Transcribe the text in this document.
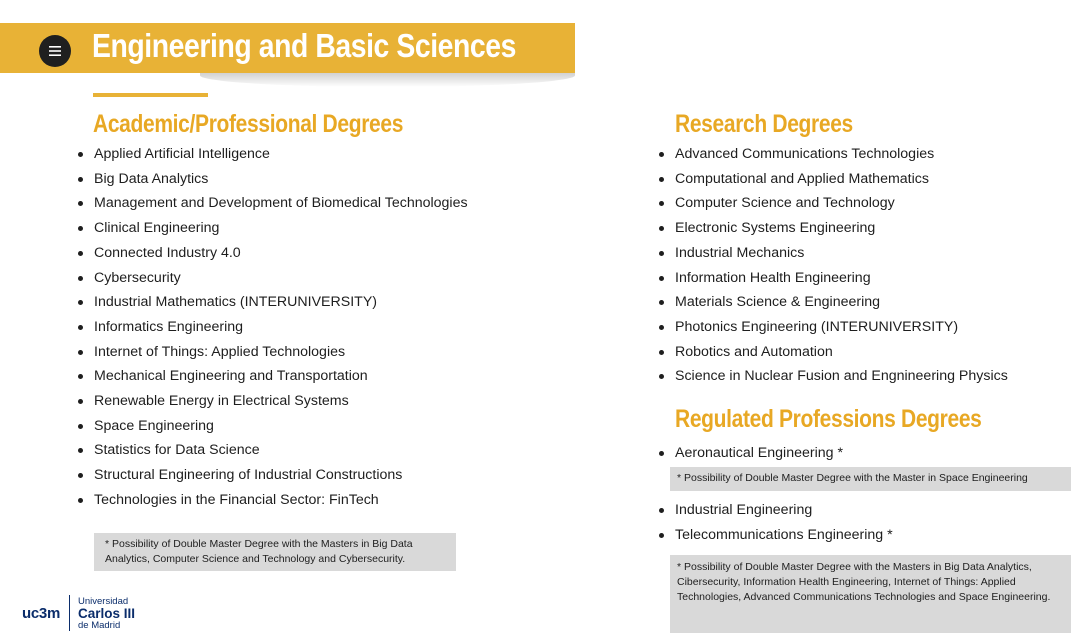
Engineering and Basic Sciences
Academic/Professional Degrees
Applied Artificial Intelligence
Big Data Analytics
Management and Development of Biomedical Technologies
Clinical Engineering
Connected Industry 4.0
Cybersecurity
Industrial Mathematics (INTERUNIVERSITY)
Informatics Engineering
Internet of Things: Applied Technologies
Mechanical Engineering and Transportation
Renewable Energy in Electrical Systems
Space Engineering
Statistics for Data Science
Structural Engineering of Industrial Constructions
Technologies in the Financial Sector: FinTech
* Possibility of Double Master Degree with the Masters in Big Data Analytics, Computer Science and Technology and Cybersecurity.
Research Degrees
Advanced Communications Technologies
Computational and Applied Mathematics
Computer Science and Technology
Electronic Systems Engineering
Industrial Mechanics
Information Health Engineering
Materials Science & Engineering
Photonics Engineering (INTERUNIVERSITY)
Robotics and Automation
Science in Nuclear Fusion and Engnineering Physics
Regulated Professions Degrees
Aeronautical Engineering *
* Possibility of Double Master Degree with the Master in Space Engineering
Industrial Engineering
Telecommunications Engineering *
* Possibility of Double Master Degree with the Masters in Big Data Analytics, Cibersecurity, Information Health Engineering, Internet of Things: Applied Technologies, Advanced Communications Technologies and Space Engineering.
uc3m
Universidad
Carlos III
de Madrid
